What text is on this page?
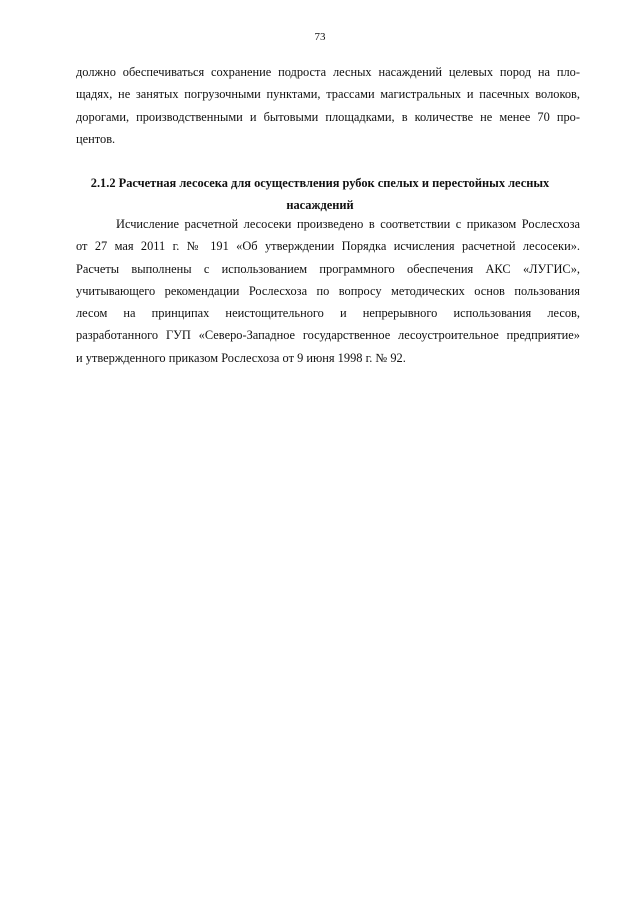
73
должно обеспечиваться сохранение подроста лесных насаждений целевых пород на пло-
щадях, не занятых погрузочными пунктами, трассами магистральных и пасечных волоков,
дорогами, производственными и бытовыми площадками, в количестве не менее 70 про-
центов.
2.1.2 Расчетная лесосека для осуществления рубок спелых и перестойных лесных
насаждений
Исчисление расчетной лесосеки произведено в соответствии с приказом Рослесхоза
от 27 мая 2011 г. № 191 «Об утверждении Порядка исчисления расчетной лесосеки».
Расчеты выполнены с использованием программного обеспечения АКС «ЛУГИС»,
учитывающего рекомендации Рослесхоза по вопросу методических основ пользования
лесом на принципах неистощительного и непрерывного использования лесов,
разработанного ГУП «Северо-Западное государственное лесоустроительное предприятие»
и утвержденного приказом Рослесхоза от 9 июня 1998 г. № 92.
